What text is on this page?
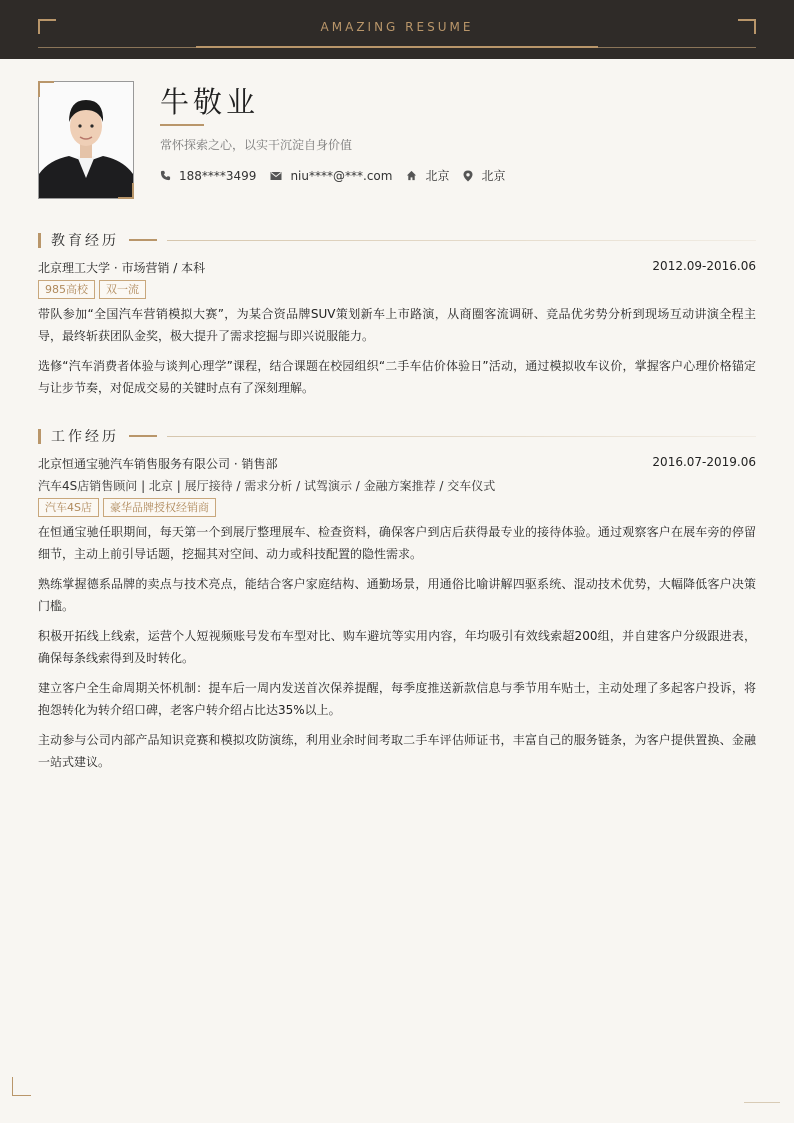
AMAZING RESUME
牛敬业
常怀探索之心，以实干沉淀自身价值
188****3499	niu****@***.com	北京	北京
教育经历
北京理工大学 · 市场营销 / 本科	2012.09-2016.06
985高校	双一流
带队参加“全国汽车营销模拟大赛”，为某合资品牌SUV策划新车上市路演，从商圈客流调研、竞品优劣势分析到现场互动讲演全程主导，最终斩获团队金奖，极大提升了需求挖掘与即兴说服能力。
选修“汽车消费者体验与谈判心理学”课程，结合课题在校园组织“二手车估价体验日”活动，通过模拟收车议价，掌握客户心理价格锚定与让步节奏，对促成交易的关键时点有了深刻理解。
工作经历
北京恒通宝驰汽车销售服务有限公司 · 销售部	2016.07-2019.06
汽车4S店销售顾问 | 北京 | 展厅接待 / 需求分析 / 试驾演示 / 金融方案推荐 / 交车仪式
汽车4S店	豪华品牌授权经销商
在恒通宝驰任职期间，每天第一个到展厅整理展车、检查资料，确保客户到店后获得最专业的接待体验。通过观察客户在展车旁的停留细节，主动上前引导话题，挖掘其对空间、动力或科技配置的隐性需求。
熟练掌握德系品牌的卖点与技术亮点，能结合客户家庭结构、通勤场景，用通俗比喻讲解四驱系统、混动技术优势，大幅降低客户决策门槛。
积极开拓线上线索，运营个人短视频账号发布车型对比、购车避坑等实用内容，年均吸引有效线索超200组，并自建客户分级跟进表，确保每条线索得到及时转化。
建立客户全生命周期关怀机制：提车后一周内发送首次保养提醒，每季度推送新款信息与季节用车贴士，主动处理了多起客户投诉，将抱怨转化为转介绍口碑，老客户转介绍占比达35%以上。
主动参与公司内部产品知识竞赛和模拟攻防演练，利用业余时间考取二手车评估师证书，丰富自己的服务链条，为客户提供置换、金融一站式建议。
